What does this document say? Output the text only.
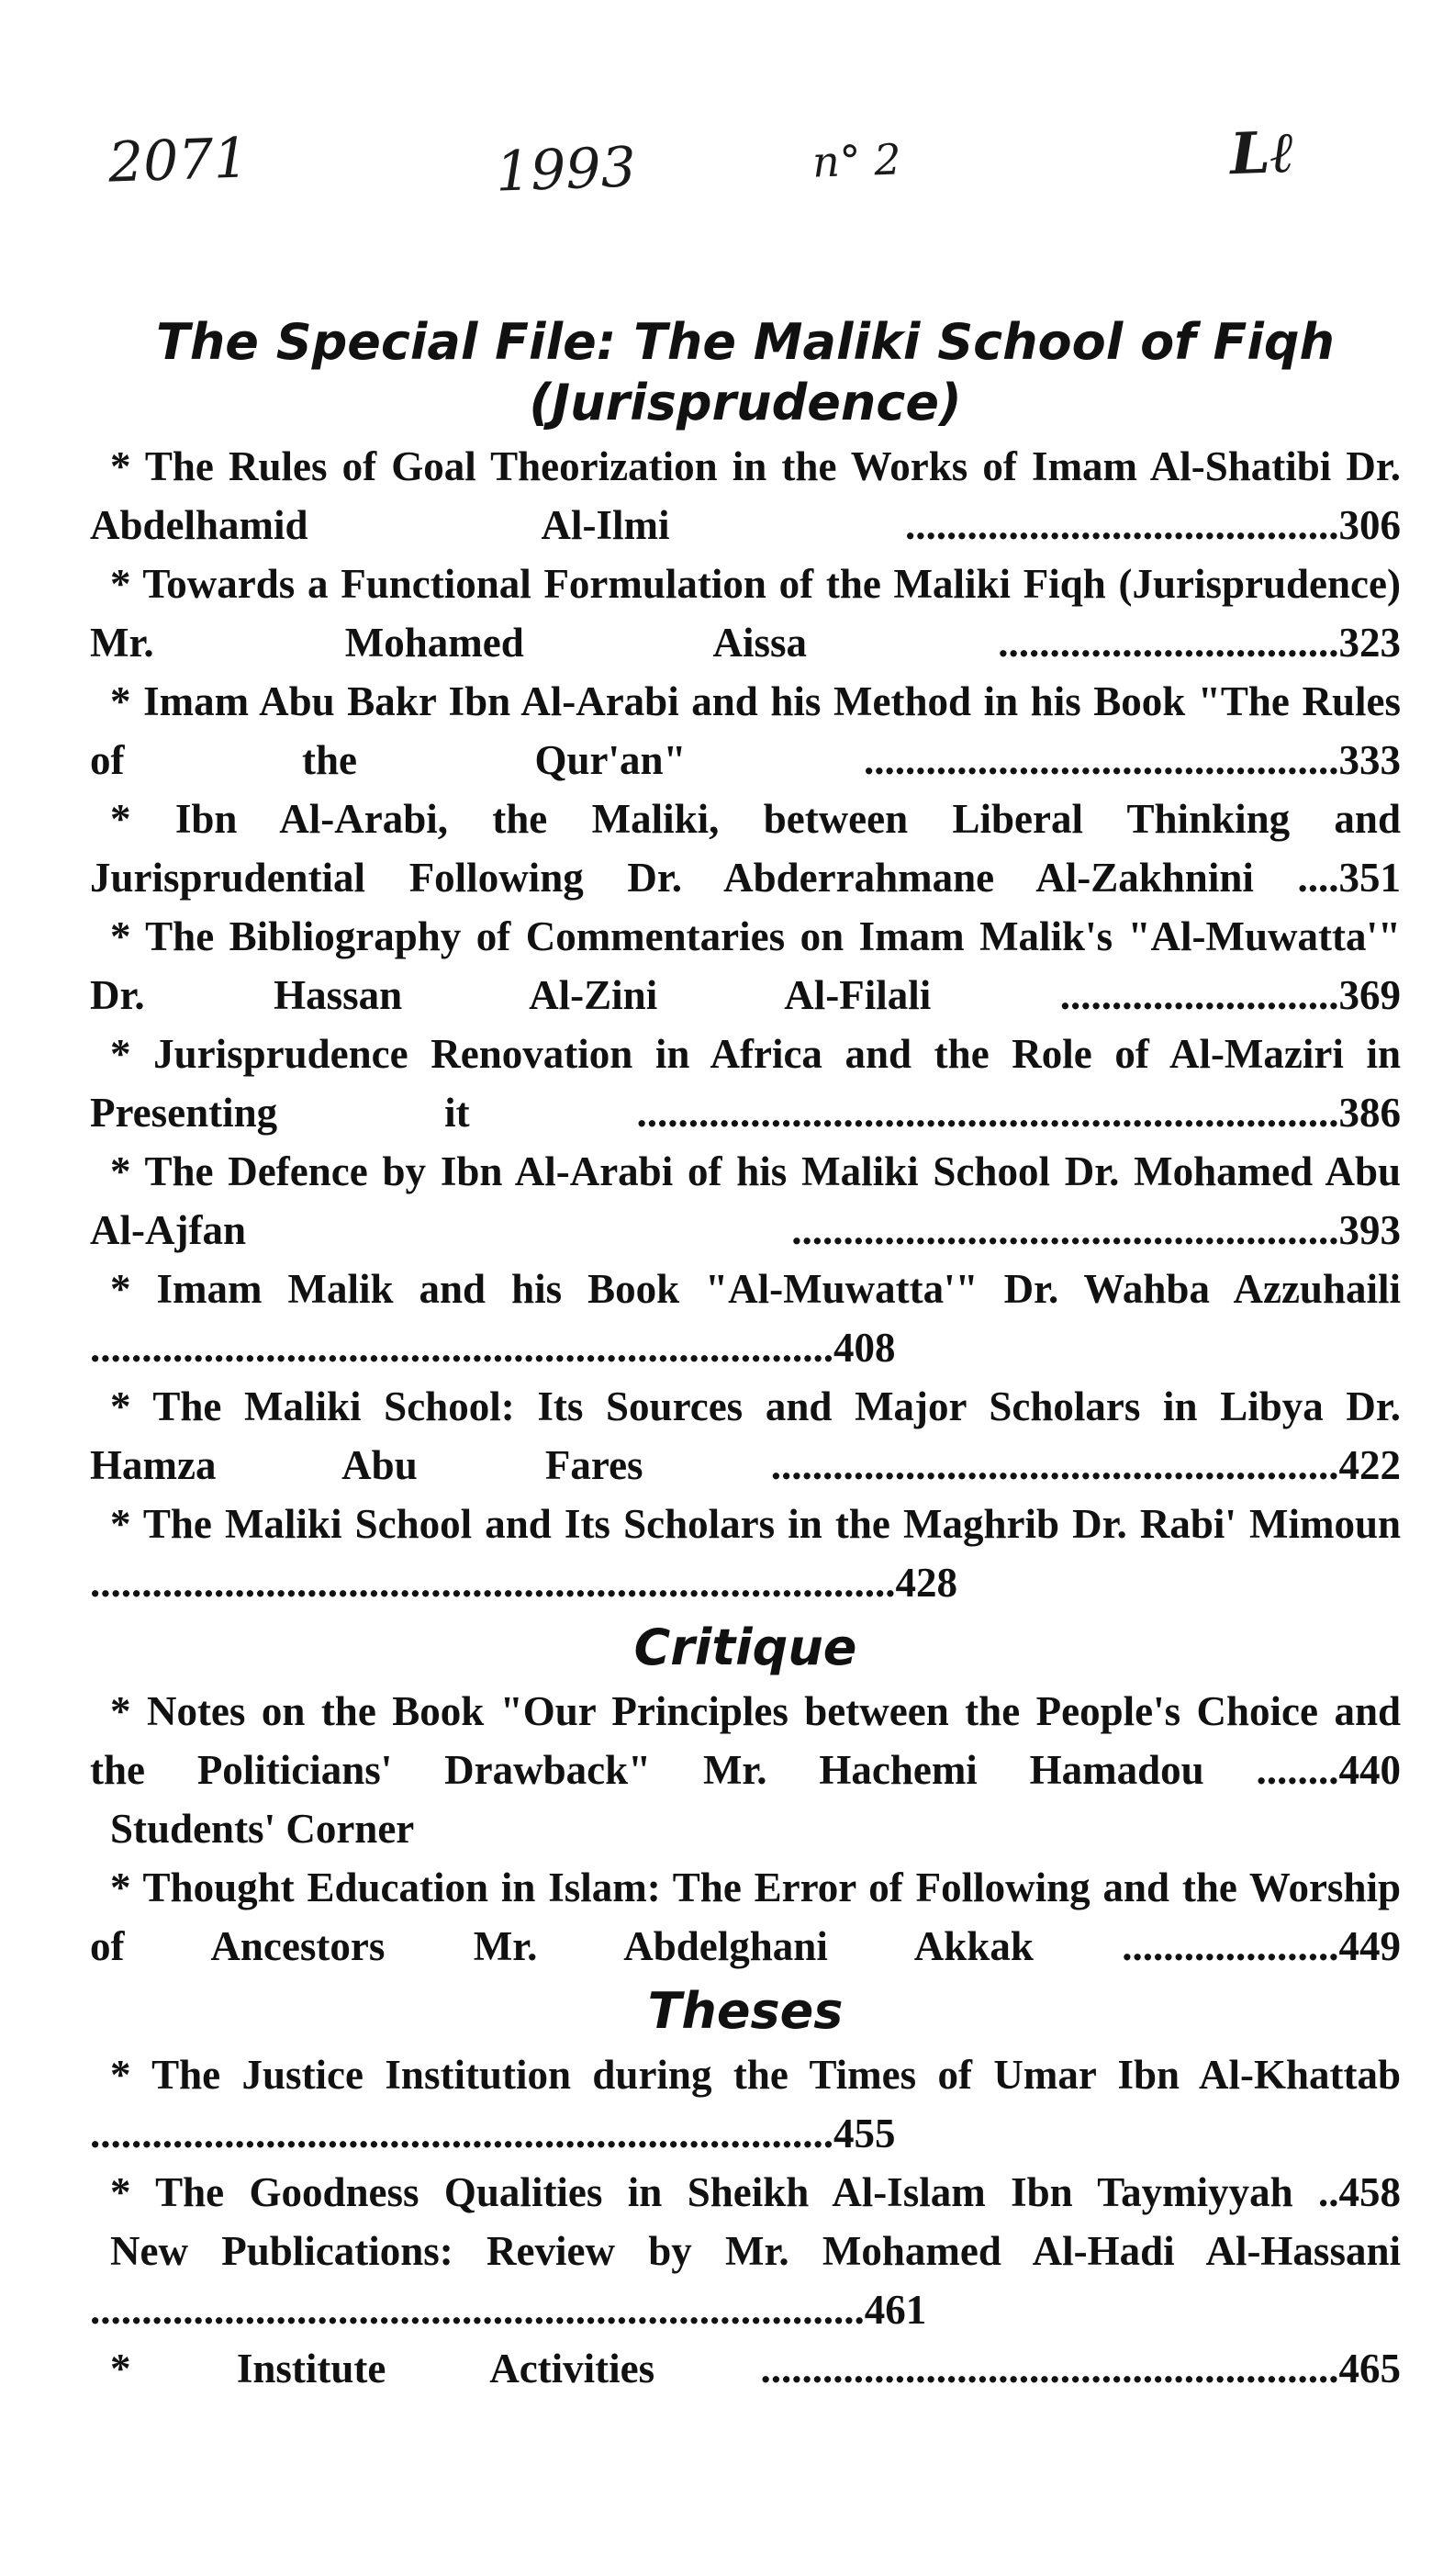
2071	1993	n° 2	Lℓ
The Special File: The Maliki School of Fiqh
(Jurisprudence)

* The Rules of Goal Theorization in the Works of Imam Al-Shatibi Dr. Abdelhamid Al-Ilmi ..........................................306

* Towards a Functional Formulation of the Maliki Fiqh (Jurisprudence) Mr. Mohamed Aissa .................................323

* Imam Abu Bakr Ibn Al-Arabi and his Method in his Book "The Rules of the Qur'an" ..............................................333

* Ibn Al-Arabi, the Maliki, between Liberal Thinking and Jurisprudential Following Dr. Abderrahmane Al-Zakhnini ....351

* The Bibliography of Commentaries on Imam Malik's "Al-Muwatta'" Dr. Hassan Al-Zini Al-Filali ...........................369

* Jurisprudence Renovation in Africa and the Role of Al-Maziri in Presenting it ....................................................................386

* The Defence by Ibn Al-Arabi of his Maliki School Dr. Mohamed Abu Al-Ajfan .....................................................393

* Imam Malik and his Book "Al-Muwatta'" Dr. Wahba Azzuhaili ........................................................................408

* The Maliki School: Its Sources and Major Scholars in Libya Dr. Hamza Abu Fares .......................................................422

* The Maliki School and Its Scholars in the Maghrib Dr. Rabi' Mimoun ..............................................................................428

Critique

* Notes on the Book "Our Principles between the People's Choice and the Politicians' Drawback" Mr. Hachemi Hamadou ........440

Students' Corner

* Thought Education in Islam: The Error of Following and the Worship of Ancestors Mr. Abdelghani Akkak .....................449

Theses

* The Justice Institution during the Times of Umar Ibn Al-Khattab ........................................................................455

* The Goodness Qualities in Sheikh Al-Islam Ibn Taymiyyah ..458

New Publications: Review by Mr. Mohamed Al-Hadi Al-Hassani ...........................................................................461

* Institute Activities ........................................................465
